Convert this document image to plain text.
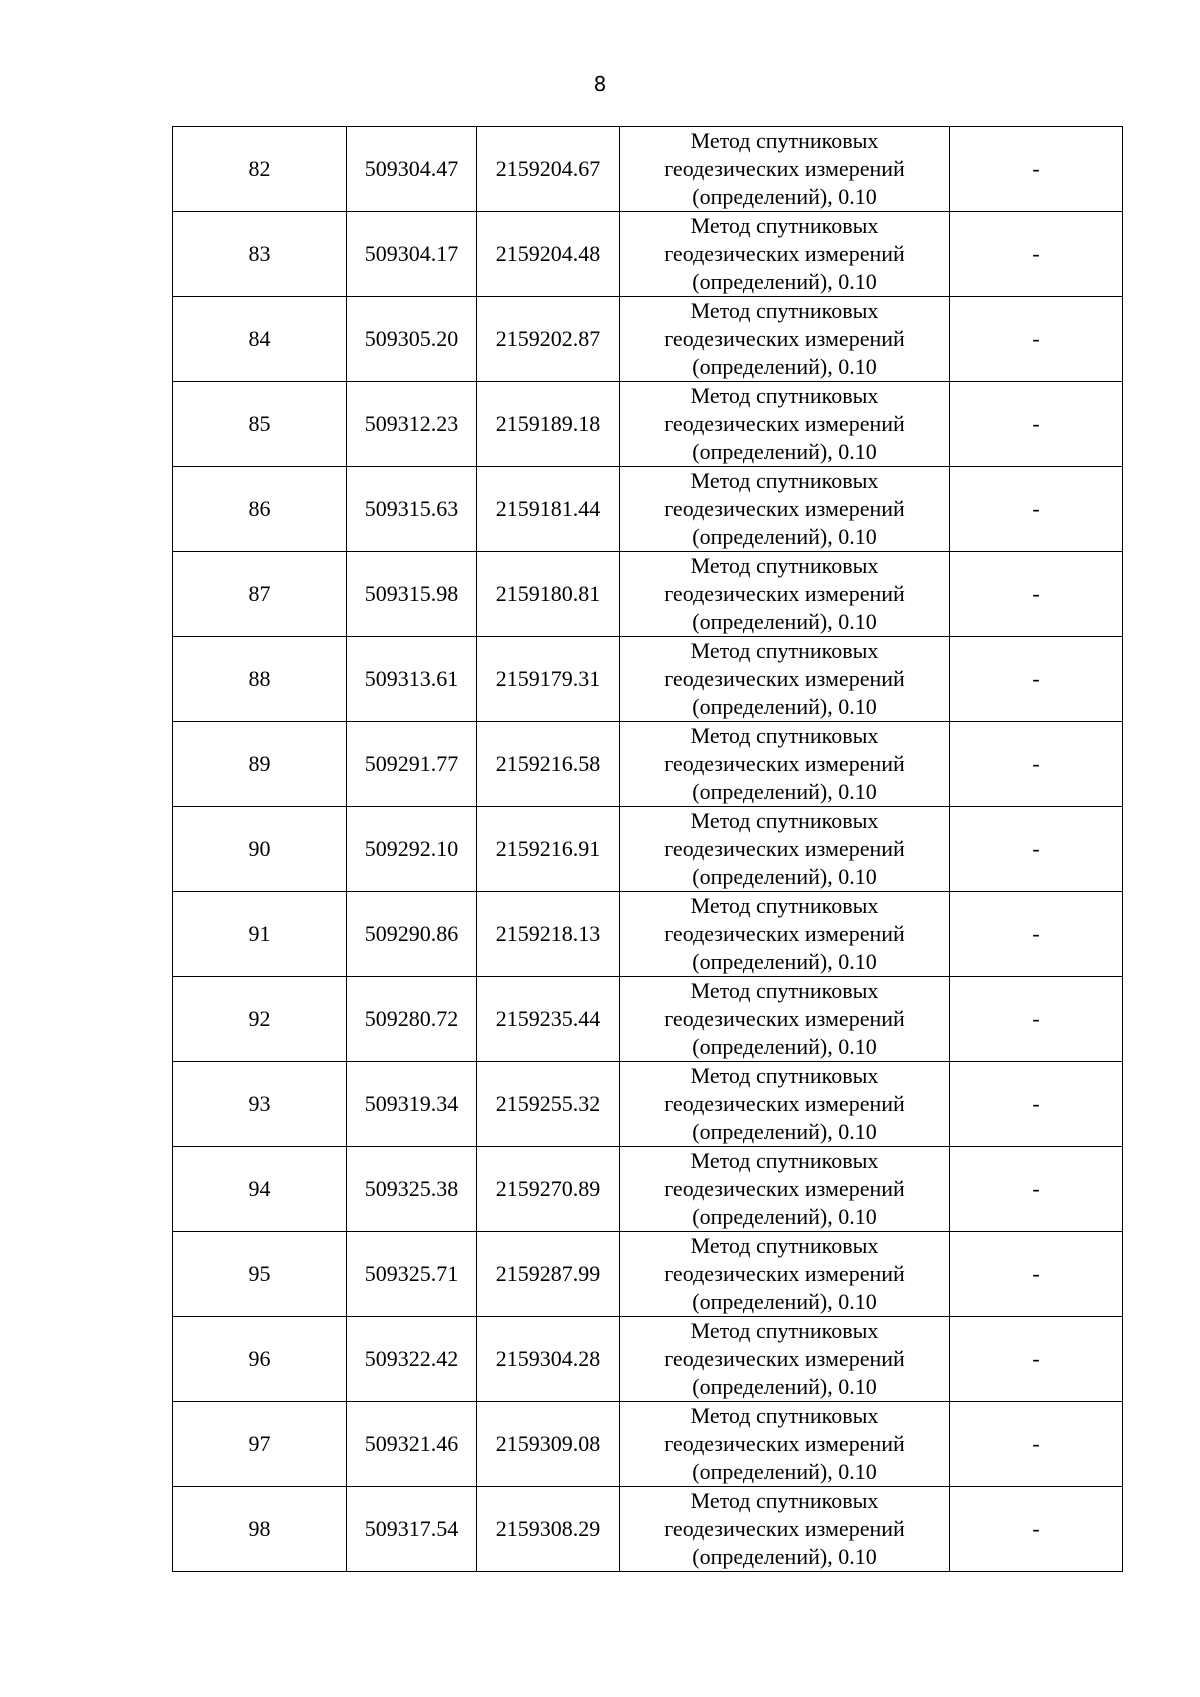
8
82	509304.47	2159204.67	Метод спутниковых
геодезических измерений
(определений), 0.10	-
83	509304.17	2159204.48	Метод спутниковых
геодезических измерений
(определений), 0.10	-
84	509305.20	2159202.87	Метод спутниковых
геодезических измерений
(определений), 0.10	-
85	509312.23	2159189.18	Метод спутниковых
геодезических измерений
(определений), 0.10	-
86	509315.63	2159181.44	Метод спутниковых
геодезических измерений
(определений), 0.10	-
87	509315.98	2159180.81	Метод спутниковых
геодезических измерений
(определений), 0.10	-
88	509313.61	2159179.31	Метод спутниковых
геодезических измерений
(определений), 0.10	-
89	509291.77	2159216.58	Метод спутниковых
геодезических измерений
(определений), 0.10	-
90	509292.10	2159216.91	Метод спутниковых
геодезических измерений
(определений), 0.10	-
91	509290.86	2159218.13	Метод спутниковых
геодезических измерений
(определений), 0.10	-
92	509280.72	2159235.44	Метод спутниковых
геодезических измерений
(определений), 0.10	-
93	509319.34	2159255.32	Метод спутниковых
геодезических измерений
(определений), 0.10	-
94	509325.38	2159270.89	Метод спутниковых
геодезических измерений
(определений), 0.10	-
95	509325.71	2159287.99	Метод спутниковых
геодезических измерений
(определений), 0.10	-
96	509322.42	2159304.28	Метод спутниковых
геодезических измерений
(определений), 0.10	-
97	509321.46	2159309.08	Метод спутниковых
геодезических измерений
(определений), 0.10	-
98	509317.54	2159308.29	Метод спутниковых
геодезических измерений
(определений), 0.10	-
